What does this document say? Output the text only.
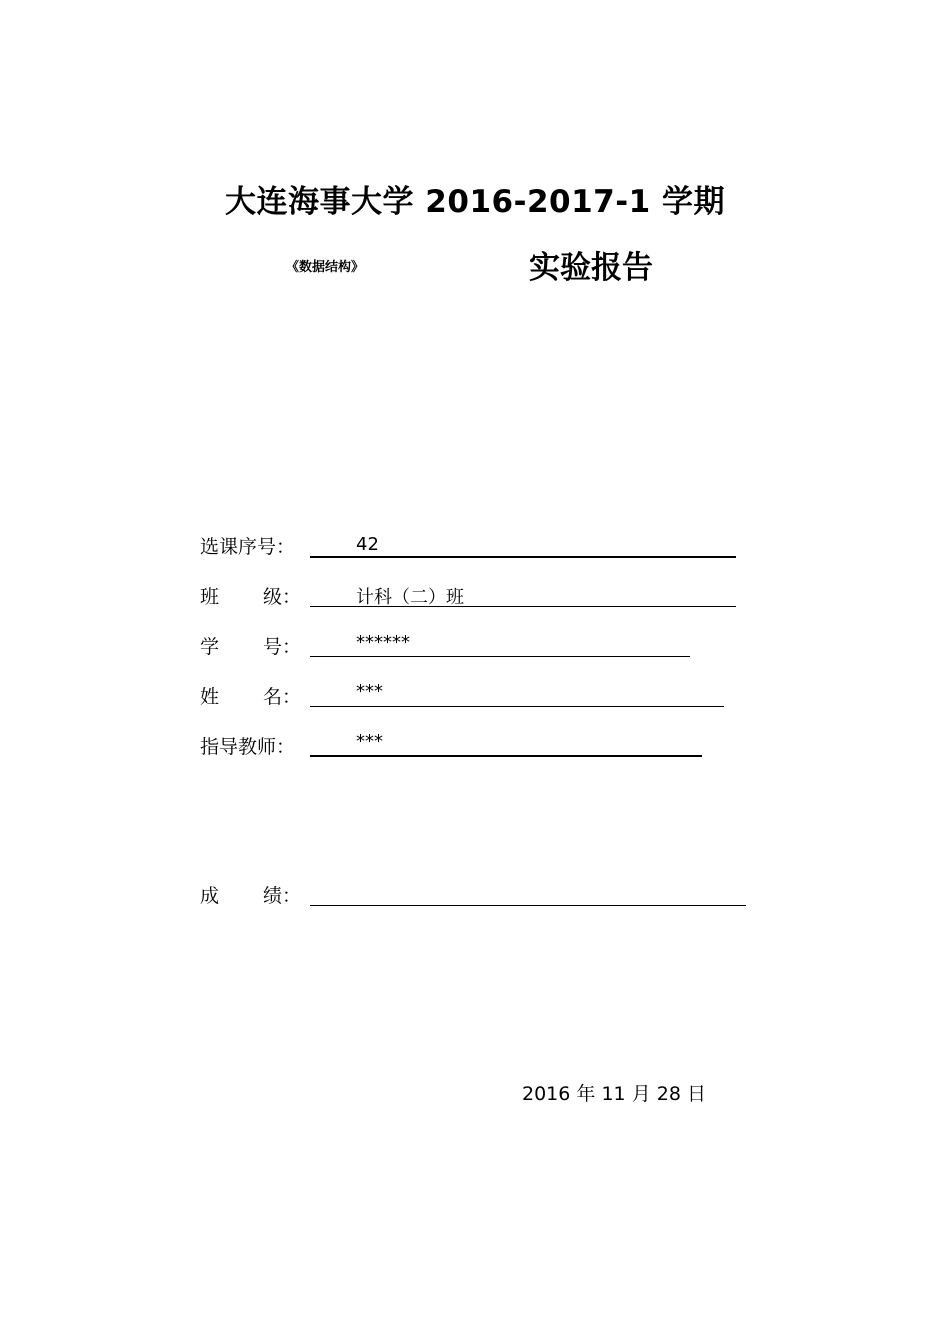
大连海事大学 2016-2017-1 学期
《数据结构》	实验报告
选课序号：	42
班 级：	计科（二）班
学 号：	******
姓 名：	***
指导教师：	***
成 绩：
2016 年 11 月 28 日
